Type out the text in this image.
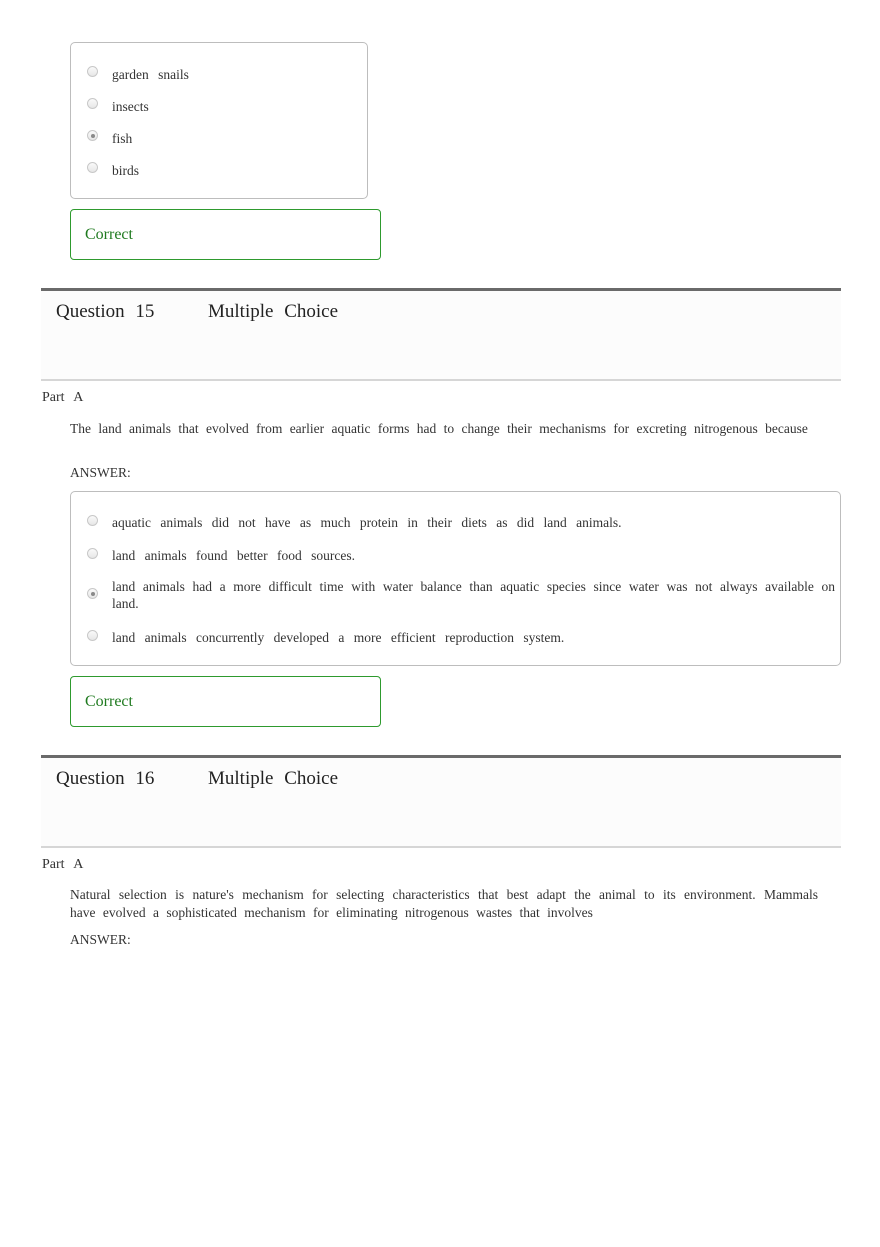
garden snails
insects
fish
birds
Correct
Question 15	Multiple Choice
Part A
The land animals that evolved from earlier aquatic forms had to change their mechanisms for excreting nitrogenous because
ANSWER:
aquatic animals did not have as much protein in their diets as did land animals.
land animals found better food sources.
land animals had a more difficult time with water balance than aquatic species since water was not always available on land.
land animals concurrently developed a more efficient reproduction system.
Correct
Question 16	Multiple Choice
Part A
Natural selection is nature's mechanism for selecting characteristics that best adapt the animal to its environment. Mammals have evolved a sophisticated mechanism for eliminating nitrogenous wastes that involves
ANSWER:
